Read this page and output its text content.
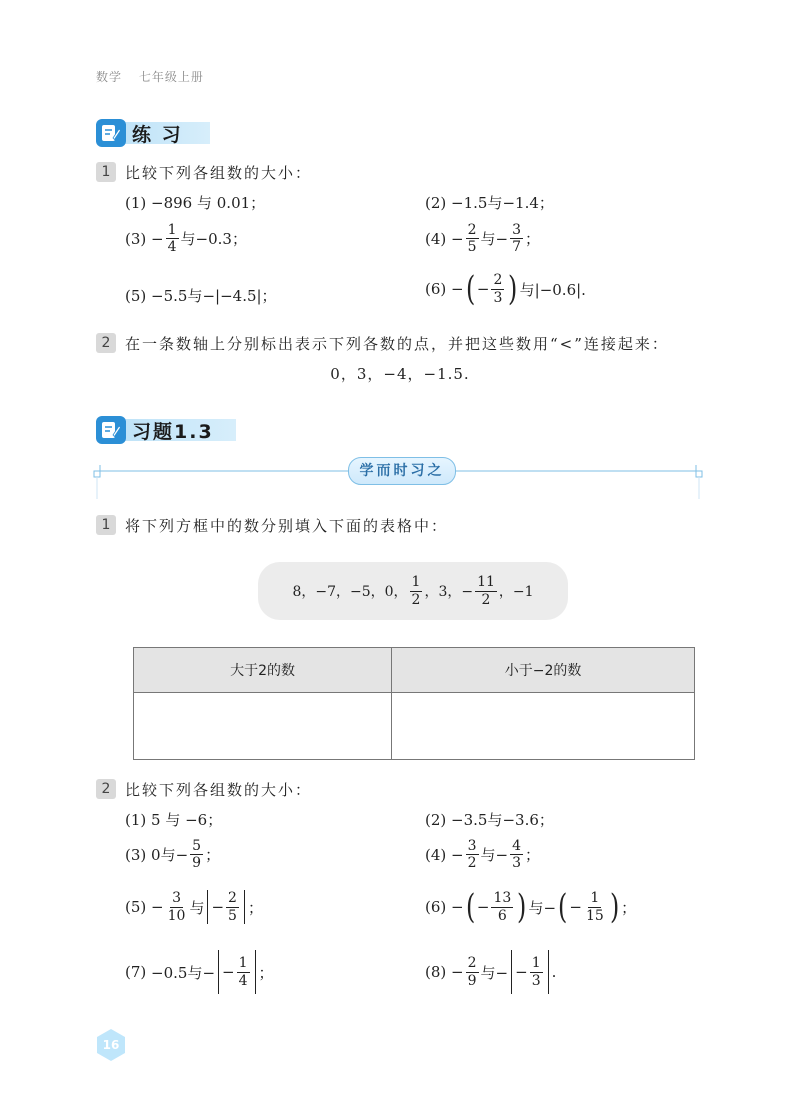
数学 七年级上册
练 习
1 比较下列各组数的大小：
(1)
−896 与 0.01；	(2)
−1.5与−1.4；
(3)
− $\frac{1}{4}$ 与−0.3；	(4)
− $\frac{2}{5}$ 与− $\frac{3}{7}$ ；
(5)
−5.5与−|−4.5|；	(6)
− ( − $\frac{2}{3}$ ) 与|−0.6|.
2 在一条数轴上分别标出表示下列各数的点，并把这些数用“<”连接起来：
0，3，−4，−1.5.
习题1.3
学而时习之
1 将下列方框中的数分别填入下面的表格中：
8，−7，−5，0， $\frac{1}{2}$ ，3，− $\frac{11}{2}$ ，−1
大于2的数	小于−2的数

2 比较下列各组数的大小：
(1)
5 与 −6；	(2)
−3.5与−3.6；
(3)
0与− $\frac{5}{9}$ ；	(4)
− $\frac{3}{2}$ 与− $\frac{4}{3}$ ；
(5)
− $\frac{3}{10}$ 与 − $\frac{2}{5}$ ；	(6)
− ( − $\frac{13}{6}$ ) 与− ( − $\frac{1}{15}$ ) ；
(7)
−0.5与− − $\frac{1}{4}$ ；	(8)
− $\frac{2}{9}$ 与− − $\frac{1}{3}$ .
16
